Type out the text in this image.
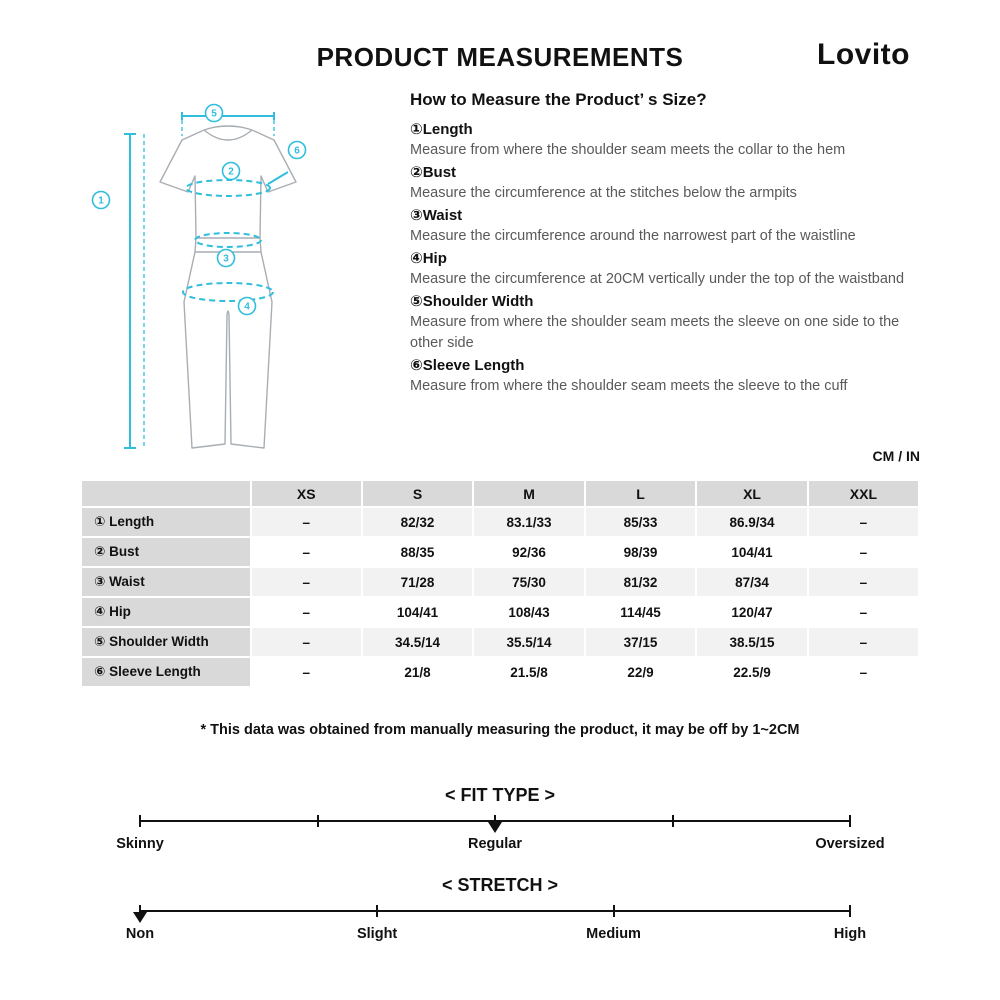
PRODUCT MEASUREMENTS	Lovito
1
2
3
4
5
6
How to Measure the Product’ s Size?
①Length
Measure from where the shoulder seam meets the collar to the hem
②Bust
Measure the circumference at the stitches below the armpits
③Waist
Measure the circumference around the narrowest part of the waistline
④Hip
Measure the circumference at 20CM vertically under the top of the waistband
⑤Shoulder Width
Measure from where the shoulder seam meets the sleeve on one side to the other side
⑥Sleeve Length
Measure from where the shoulder seam meets the sleeve to the cuff
CM / IN
	XS	S	M	L	XL	XXL
① Length	–	82/32	83.1/33	85/33	86.9/34	–
② Bust	–	88/35	92/36	98/39	104/41	–
③ Waist	–	71/28	75/30	81/32	87/34	–
④ Hip	–	104/41	108/43	114/45	120/47	–
⑤ Shoulder Width	–	34.5/14	35.5/14	37/15	38.5/15	–
⑥ Sleeve Length	–	21/8	21.5/8	22/9	22.5/9	–
* This data was obtained from manually measuring the product, it may be off by 1~2CM
< FIT TYPE >
Skinny	Regular	Oversized
< STRETCH >
Non	Slight	Medium	High
